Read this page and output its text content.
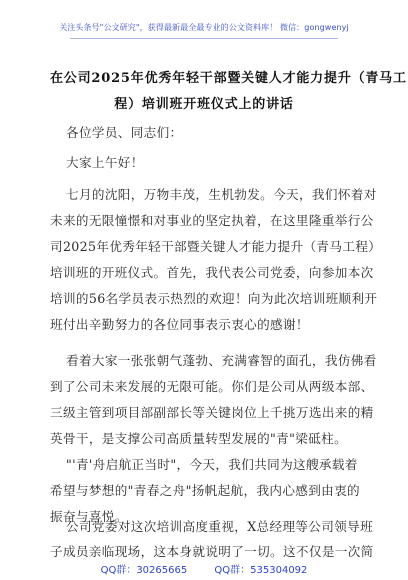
关注头条号"公文研究"，获得最新最全最专业的公文资料库！ 微信：gongwenyj
在公司2025年优秀年轻干部暨关键人才能力提升（青马工
程）培训班开班仪式上的讲话
各位学员、同志们：
大家上午好！
七月的沈阳，万物丰茂，生机勃发。今天，我们怀着对
未来的无限憧憬和对事业的坚定执着，在这里隆重举行公
司2025年优秀年轻干部暨关键人才能力提升（青马工程）
培训班的开班仪式。首先，我代表公司党委，向参加本次
培训的56名学员表示热烈的欢迎！向为此次培训班顺利开
班付出辛勤努力的各位同事表示衷心的感谢！
看着大家一张张朝气蓬勃、充满睿智的面孔，我仿佛看
到了公司未来发展的无限可能。你们是公司从两级本部、
三级主管到项目部副部长等关键岗位上千挑万选出来的精
英骨干，是支撑公司高质量转型发展的"青"梁砥柱。
"'青'舟启航正当时"，今天，我们共同为这艘承载着
希望与梦想的"青春之舟"扬帆起航，我内心感到由衷的
振奋与喜悦。
公司党委对这次培训高度重视，X总经理等公司领导班
子成员亲临现场，这本身就说明了一切。这不仅是一次简
QQ群：30265665	QQ群：535304092
